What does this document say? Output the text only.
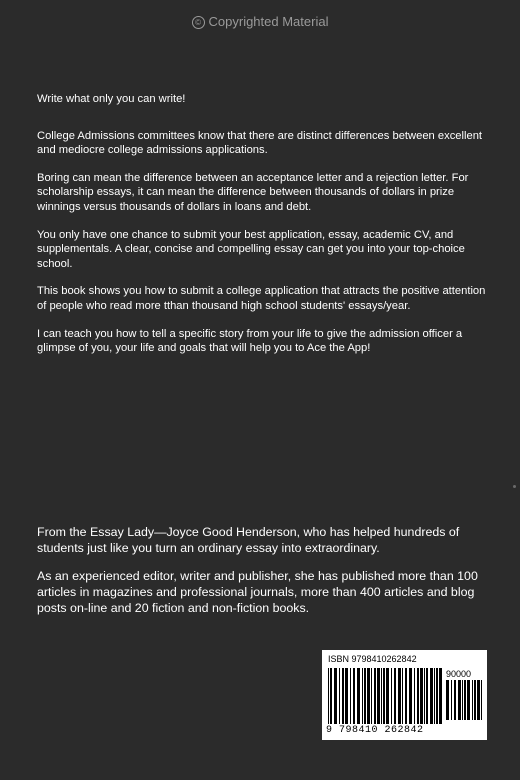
© Copyrighted Material

Write what only you can write!

College Admissions committees know that there are distinct differences between excellent and mediocre college admissions applications.

Boring can mean the difference between an acceptance letter and a rejection letter. For scholarship essays, it can mean the difference between thousands of dollars in prize winnings versus thousands of dollars in loans and debt.

You only have one chance to submit your best application, essay, academic CV, and supplementals. A clear, concise and compelling essay can get you into your top-choice school.

This book shows you how to submit a college application that attracts the positive attention of people who read more tthan thousand high school students' essays/year.

I can teach you how to tell a specific story from your life to give the admission officer a glimpse of you, your life and goals that will help you to Ace the App!

From the Essay Lady—Joyce Good Henderson, who has helped hundreds of students just like you turn an ordinary essay into extraordinary.

As an experienced editor, writer and publisher, she has published more than 100 articles in magazines and professional journals, more than 400 articles and blog posts on-line and 20 fiction and non-fiction books.

ISBN 9798410262842
90000
9 798410 262842
